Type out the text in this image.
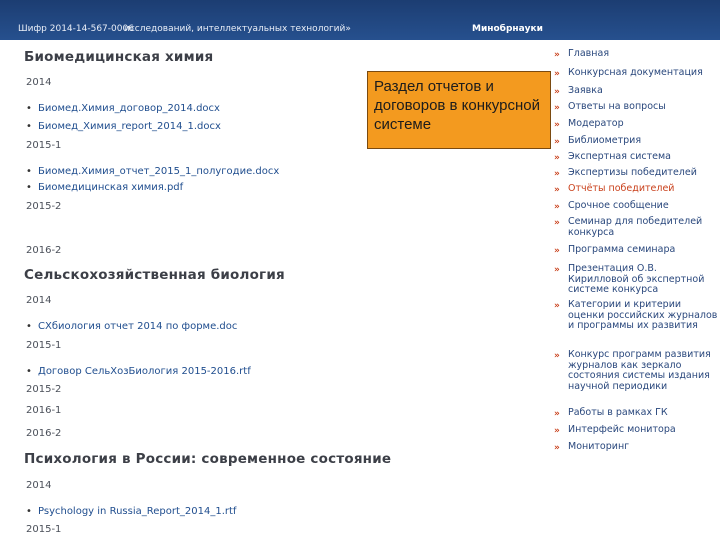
Шифр 2014-14-567-0006
исследований, интеллектуальных технологий»	Минобрнауки
Биомедицинская химия
2014
• Биомед.Химия_договор_2014.docx
• Биомед_Химия_report_2014_1.docx
2015-1
• Биомед.Химия_отчет_2015_1_полугодие.docx
• Биомедицинская химия.pdf
2015-2
2016-2
Сельскохозяйственная биология
2014
• СХбиология отчет 2014 по форме.doc
2015-1
• Договор СельХозБиология 2015-2016.rtf
2015-2
2016-1
2016-2
Психология в России: современное состояние
2014
• Psychology in Russia_Report_2014_1.rtf
2015-1
Раздел отчетов и договоров в конкурсной системе
» Главная
» Конкурсная документация
» Заявка
» Ответы на вопросы
» Модератор
» Библиометрия
» Экспертная система
» Экспертизы победителей
» Отчёты победителей
» Срочное сообщение
» Семинар для победителей конкурса
» Программа семинара
» Презентация О.В. Кирилловой об экспертной системе конкурса
» Категории и критерии оценки российских журналов и программы их развития
» Конкурс программ развития журналов как зеркало состояния системы издания научной периодики
» Работы в рамках ГК
» Интерфейс монитора
» Мониторинг
